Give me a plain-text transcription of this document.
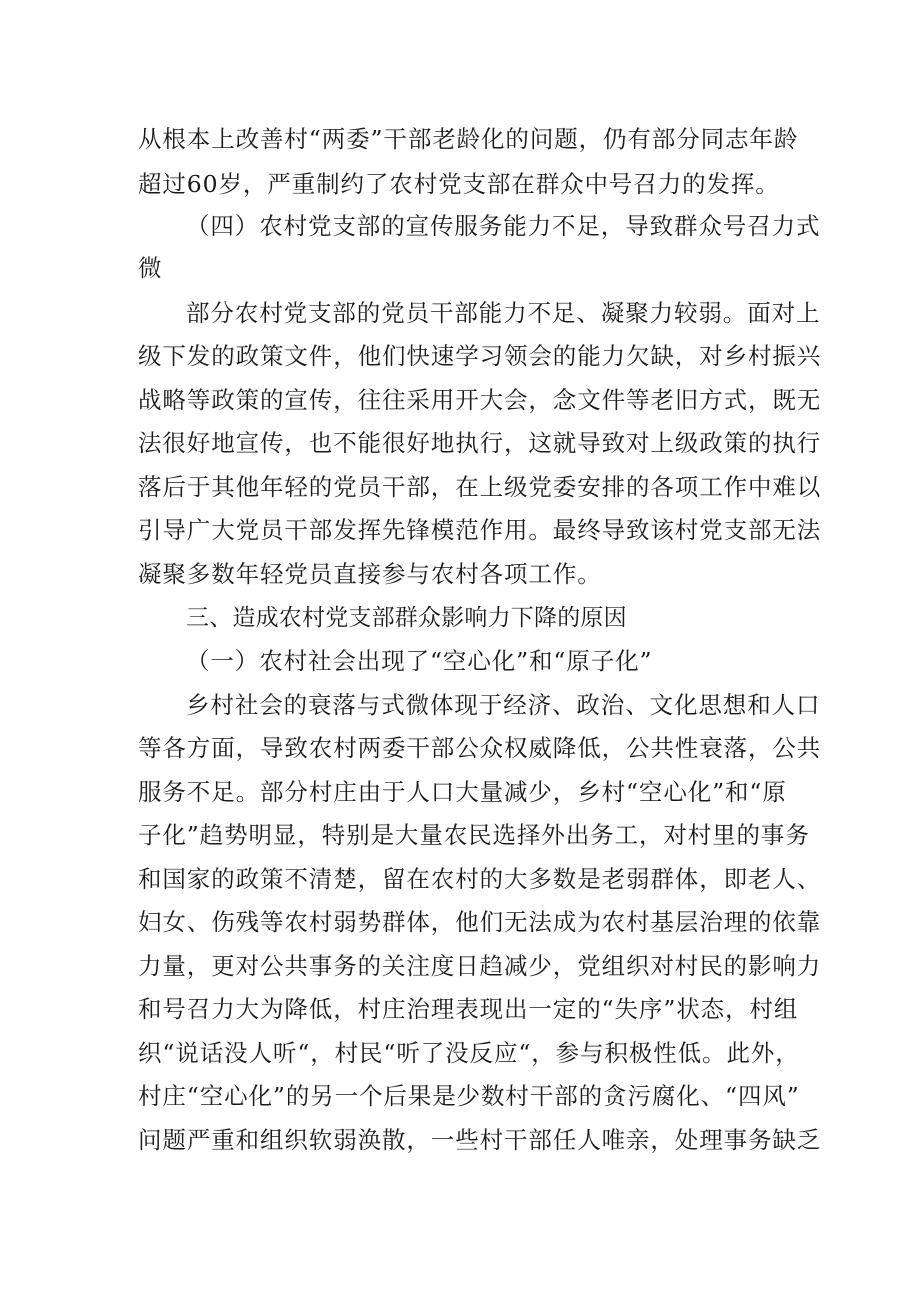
从根本上改善村“两委”干部老龄化的问题，仍有部分同志年龄
超过60岁，严重制约了农村党支部在群众中号召力的发挥。
（四）农村党支部的宣传服务能力不足，导致群众号召力式
微
部分农村党支部的党员干部能力不足、凝聚力较弱。面对上
级下发的政策文件，他们快速学习领会的能力欠缺，对乡村振兴
战略等政策的宣传，往往采用开大会，念文件等老旧方式，既无
法很好地宣传，也不能很好地执行，这就导致对上级政策的执行
落后于其他年轻的党员干部，在上级党委安排的各项工作中难以
引导广大党员干部发挥先锋模范作用。最终导致该村党支部无法
凝聚多数年轻党员直接参与农村各项工作。
三、造成农村党支部群众影响力下降的原因
（一）农村社会出现了“空心化”和“原子化”
乡村社会的衰落与式微体现于经济、政治、文化思想和人口
等各方面，导致农村两委干部公众权威降低，公共性衰落，公共
服务不足。部分村庄由于人口大量减少，乡村“空心化”和“原
子化”趋势明显，特别是大量农民选择外出务工，对村里的事务
和国家的政策不清楚，留在农村的大多数是老弱群体，即老人、
妇女、伤残等农村弱势群体，他们无法成为农村基层治理的依靠
力量，更对公共事务的关注度日趋减少，党组织对村民的影响力
和号召力大为降低，村庄治理表现出一定的“失序”状态，村组
织“说话没人听“，村民“听了没反应“，参与积极性低。此外，
村庄“空心化”的另一个后果是少数村干部的贪污腐化、“四风”
问题严重和组织软弱涣散，一些村干部任人唯亲，处理事务缺乏
